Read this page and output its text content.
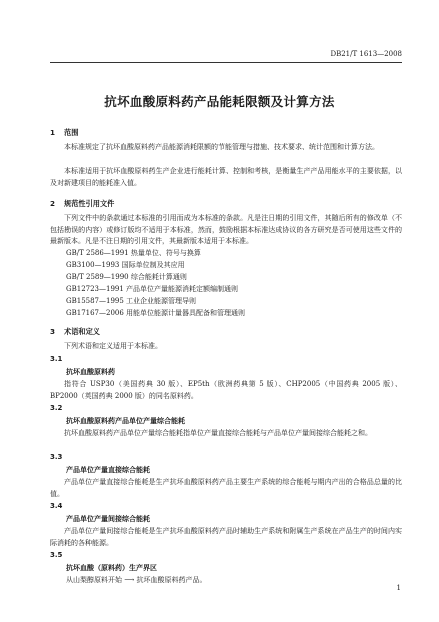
DB21/T 1613—2008
抗坏血酸原料药产品能耗限额及计算方法
1 范围
本标准规定了抗坏血酸原料药产品能源消耗限额的节能管理与措施、技术要求、统计范围和计算方法。
本标准适用于抗坏血酸原料药生产企业进行能耗计算、控制和考核，是衡量生产产品用能水平的主要依据，以及对新建项目的能耗准入值。
2 规范性引用文件
下列文件中的条款通过本标准的引用而成为本标准的条款。凡是注日期的引用文件，其随后所有的修改单（不包括勘误的内容）或修订版均不适用于本标准，然而，鼓励根据本标准达成协议的各方研究是否可使用这些文件的最新版本。凡是不注日期的引用文件，其最新版本适用于本标准。
GB/T 2586—1991 热量单位、符号与换算
GB3100—1993 国际单位制及其应用
GB/T 2589—1990 综合能耗计算通则
GB12723—1991 产品单位产量能源消耗定额编制通则
GB15587—1995 工业企业能源管理导则
GB17167—2006 用能单位能源计量器具配备和管理通则
3 术语和定义
下列术语和定义适用于本标准。
3.1
抗坏血酸原料药
指符合 USP30（美国药典 30 版）、EP5th（欧洲药典第 5 版）、CHP2005（中国药典 2005 版）、BP2000（英国药典 2000 版）的同名原料药。
3.2
抗坏血酸原料药产品单位产量综合能耗
抗坏血酸原料药产品单位产量综合能耗指单位产量直接综合能耗与产品单位产量间接综合能耗之和。
3.3
产品单位产量直接综合能耗
产品单位产量直接综合能耗是生产抗坏血酸原料药产品主要生产系统的综合能耗与期内产出的合格品总量的比值。
3.4
产品单位产量间接综合能耗
产品单位产量间接综合能耗是生产抗坏血酸原料药产品时辅助生产系统和附属生产系统在产品生产的时间内实际消耗的各种能源。
3.5
抗坏血酸（原料药）生产界区
从山梨醇原料开始 ⟶ 抗坏血酸原料药产品。
1
